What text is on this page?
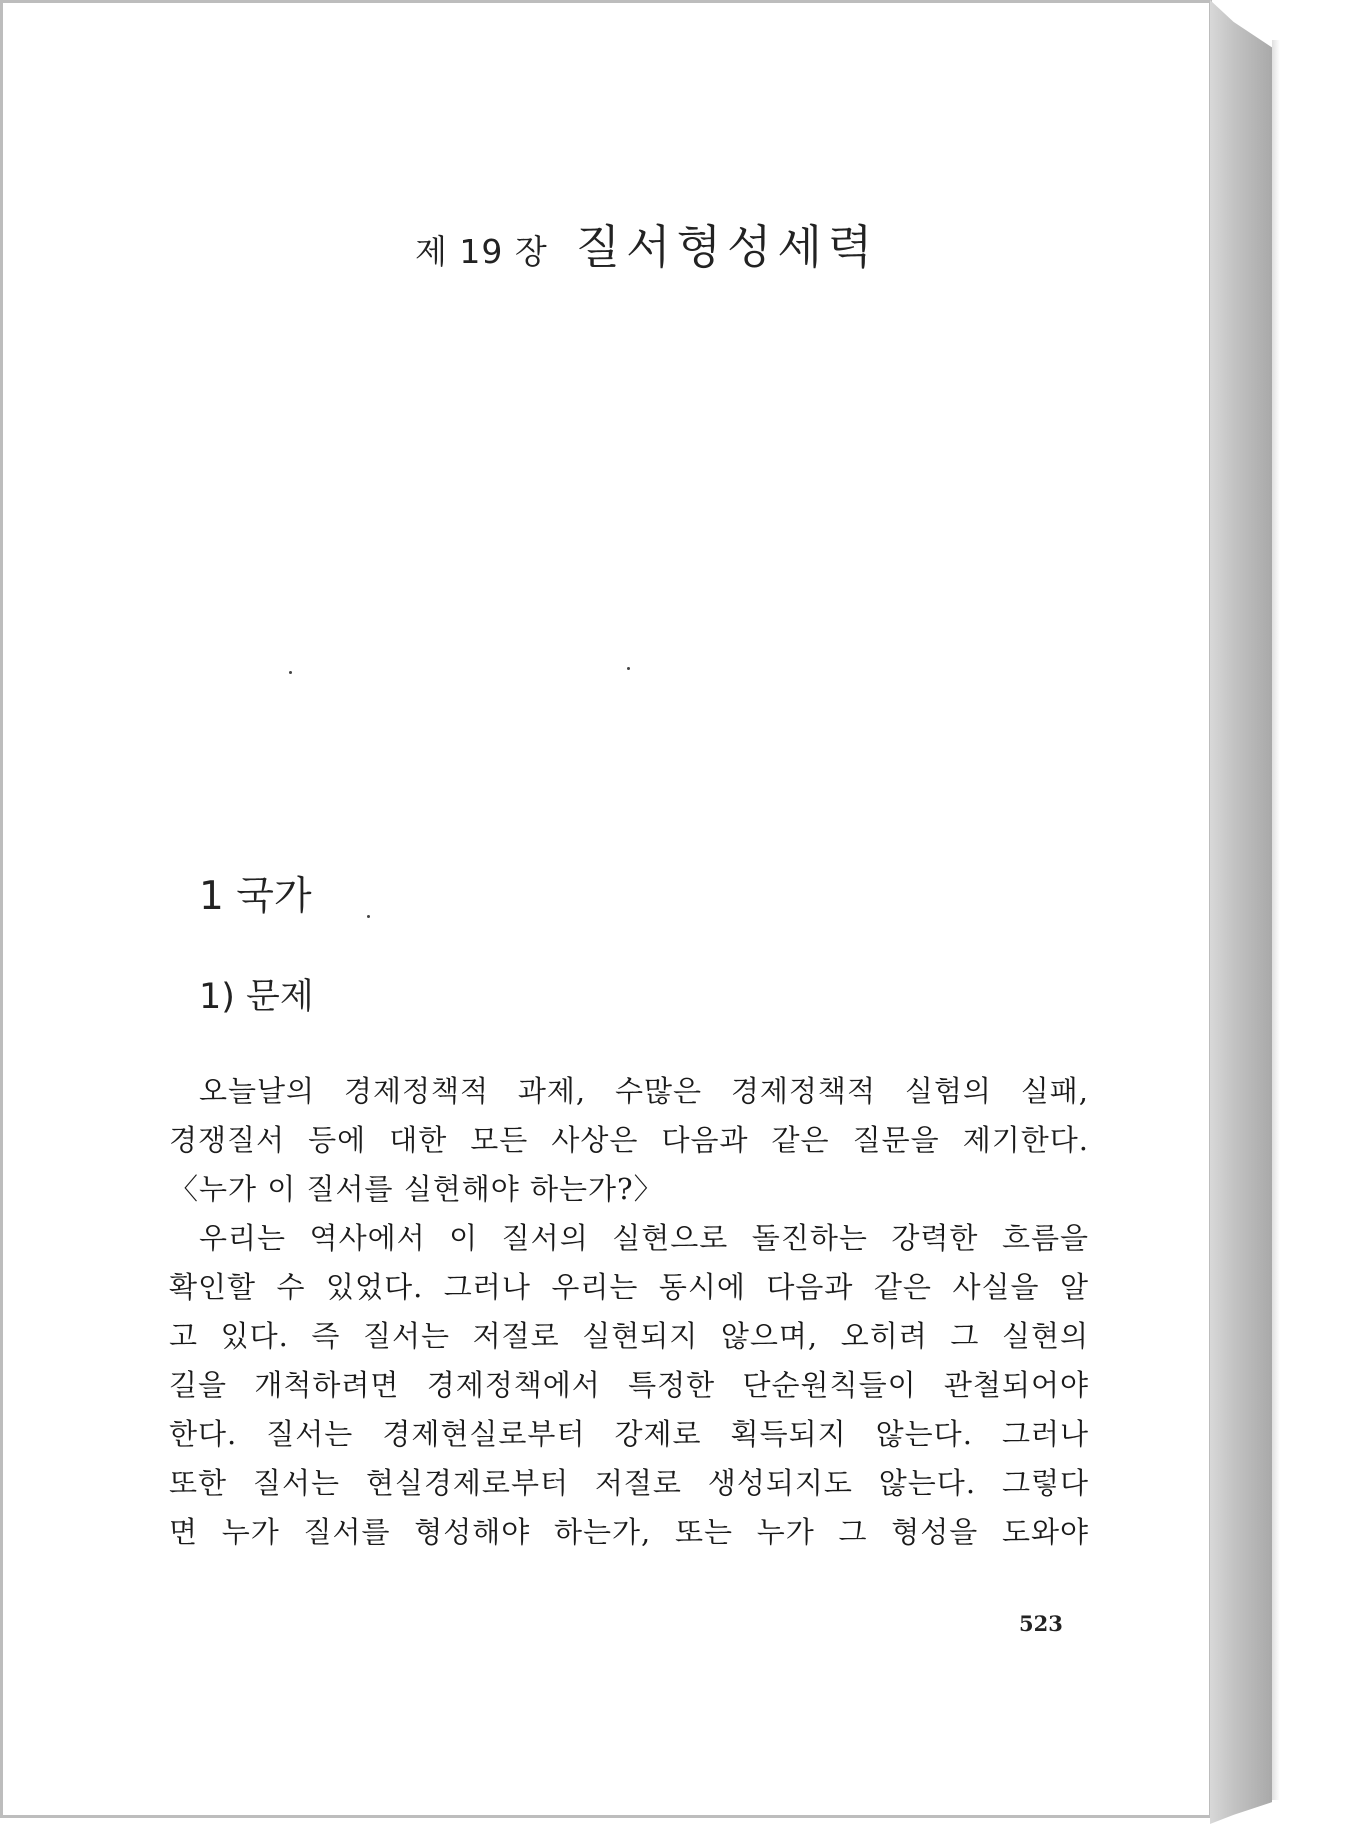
제 19 장 질서형성세력
1 국가
1) 문제
오늘날의 경제정책적 과제, 수많은 경제정책적 실험의 실패,
경쟁질서 등에 대한 모든 사상은 다음과 같은 질문을 제기한다.
〈누가 이 질서를 실현해야 하는가?〉
우리는 역사에서 이 질서의 실현으로 돌진하는 강력한 흐름을
확인할 수 있었다. 그러나 우리는 동시에 다음과 같은 사실을 알
고 있다. 즉 질서는 저절로 실현되지 않으며, 오히려 그 실현의
길을 개척하려면 경제정책에서 특정한 단순원칙들이 관철되어야
한다. 질서는 경제현실로부터 강제로 획득되지 않는다. 그러나
또한 질서는 현실경제로부터 저절로 생성되지도 않는다. 그렇다
면 누가 질서를 형성해야 하는가, 또는 누가 그 형성을 도와야
523
